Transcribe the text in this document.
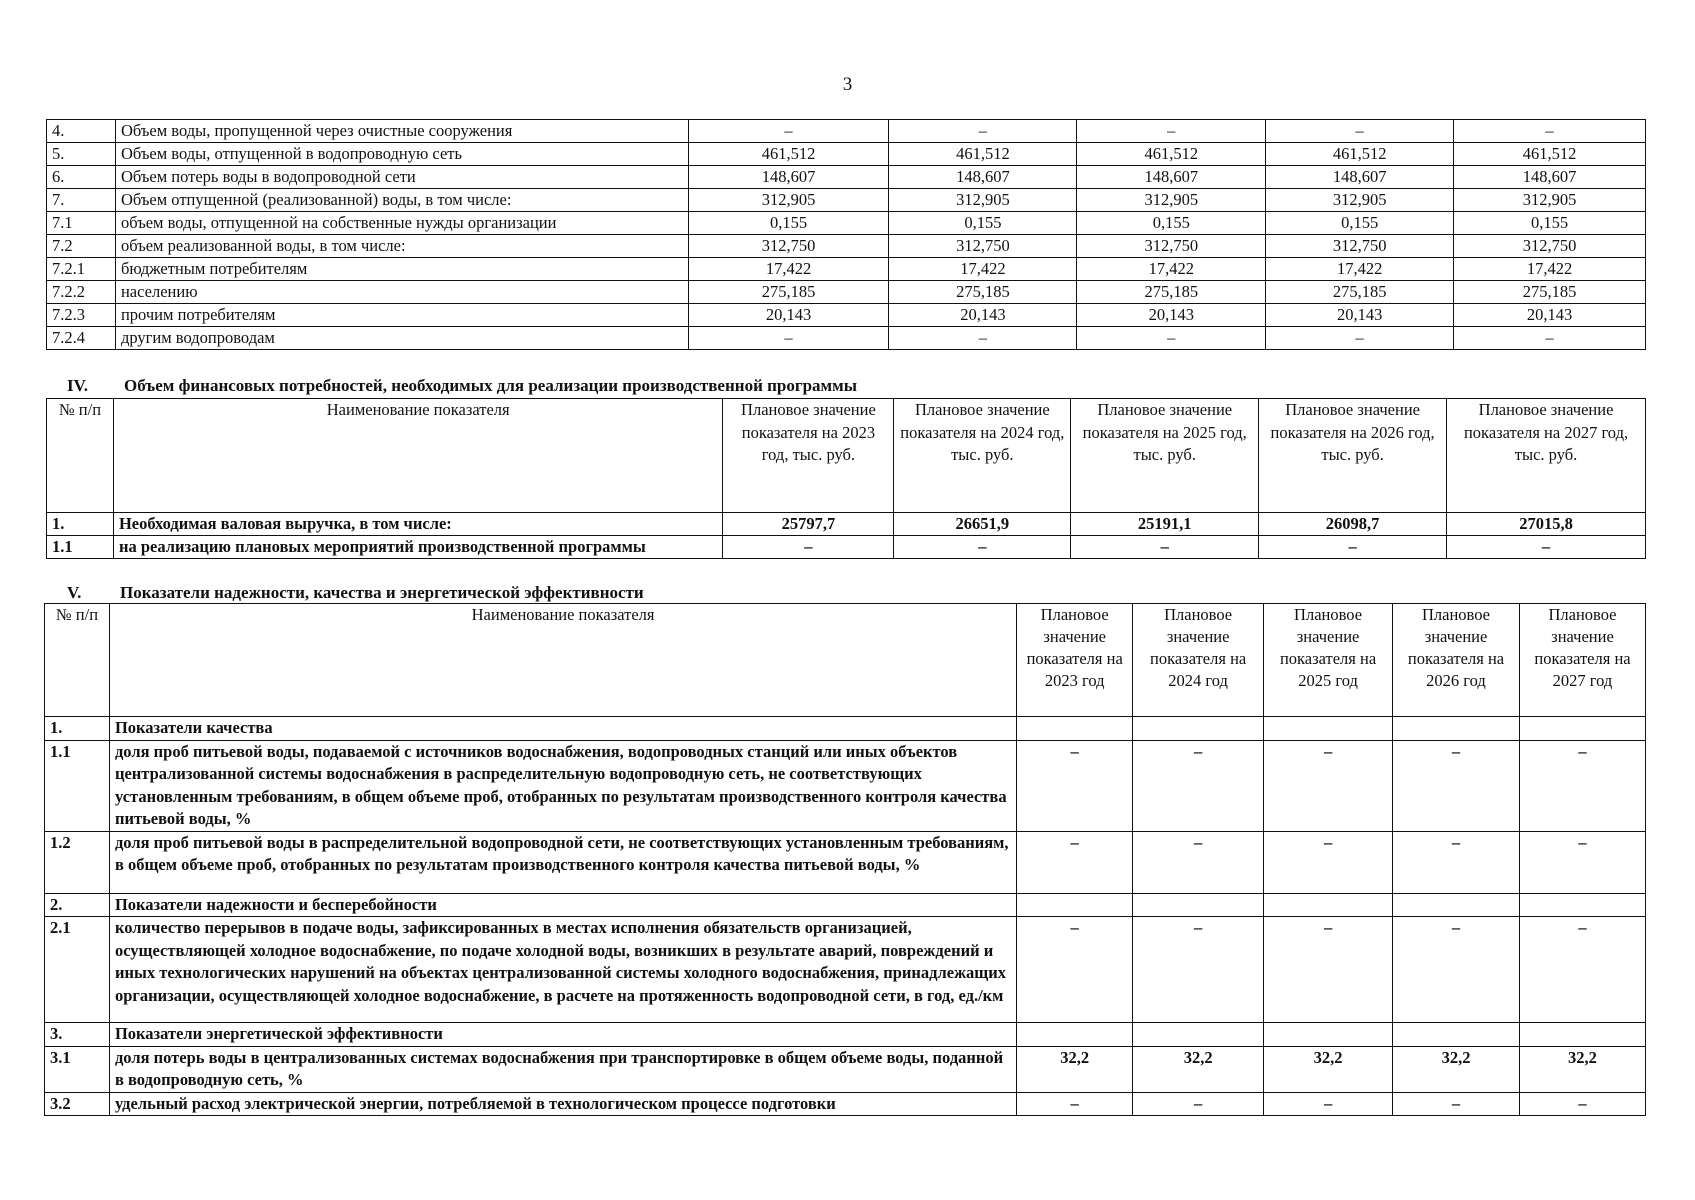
3
4.	Объем воды, пропущенной через очистные сооружения	–	–	–	–	–
5.	Объем воды, отпущенной в водопроводную сеть	461,512	461,512	461,512	461,512	461,512
6.	Объем потерь воды в водопроводной сети	148,607	148,607	148,607	148,607	148,607
7.	Объем отпущенной (реализованной) воды, в том числе:	312,905	312,905	312,905	312,905	312,905
7.1	объем воды, отпущенной на собственные нужды организации	0,155	0,155	0,155	0,155	0,155
7.2	объем реализованной воды, в том числе:	312,750	312,750	312,750	312,750	312,750
7.2.1	бюджетным потребителям	17,422	17,422	17,422	17,422	17,422
7.2.2	населению	275,185	275,185	275,185	275,185	275,185
7.2.3	прочим потребителям	20,143	20,143	20,143	20,143	20,143
7.2.4	другим водопроводам	–	–	–	–	–
IV. Объем финансовых потребностей, необходимых для реализации производственной программы
№ п/п	Наименование показателя	Плановое значение показателя на 2023 год, тыс. руб.	Плановое значение показателя на 2024 год, тыс. руб.	Плановое значение показателя на 2025 год, тыс. руб.	Плановое значение показателя на 2026 год, тыс. руб.	Плановое значение показателя на 2027 год, тыс. руб.
1.	Необходимая валовая выручка, в том числе:	25797,7	26651,9	25191,1	26098,7	27015,8
1.1	на реализацию плановых мероприятий производственной программы	–	–	–	–	–
V. Показатели надежности, качества и энергетической эффективности
№ п/п	Наименование показателя	Плановое значение показателя на 2023 год	Плановое значение показателя на 2024 год	Плановое значение показателя на 2025 год	Плановое значение показателя на 2026 год	Плановое значение показателя на 2027 год
1.	Показатели качества					
1.1	доля проб питьевой воды, подаваемой с источников водоснабжения, водопроводных станций или иных объектов централизованной системы водоснабжения в распределительную водопроводную сеть, не соответствующих установленным требованиям, в общем объеме проб, отобранных по результатам производственного контроля качества питьевой воды, %	–	–	–	–	–
1.2	доля проб питьевой воды в распределительной водопроводной сети, не соответствующих установленным требованиям, в общем объеме проб, отобранных по результатам производственного контроля качества питьевой воды, %	–	–	–	–	–
2.	Показатели надежности и бесперебойности					
2.1	количество перерывов в подаче воды, зафиксированных в местах исполнения обязательств организацией, осуществляющей холодное водоснабжение, по подаче холодной воды, возникших в результате аварий, повреждений и иных технологических нарушений на объектах централизованной системы холодного водоснабжения, принадлежащих организации, осуществляющей холодное водоснабжение, в расчете на протяженность водопроводной сети, в год, ед./км	–	–	–	–	–
3.	Показатели энергетической эффективности					
3.1	доля потерь воды в централизованных системах водоснабжения при транспортировке в общем объеме воды, поданной в водопроводную сеть, %	32,2	32,2	32,2	32,2	32,2
3.2	удельный расход электрической энергии, потребляемой в технологическом процессе подготовки	–	–	–	–	–
